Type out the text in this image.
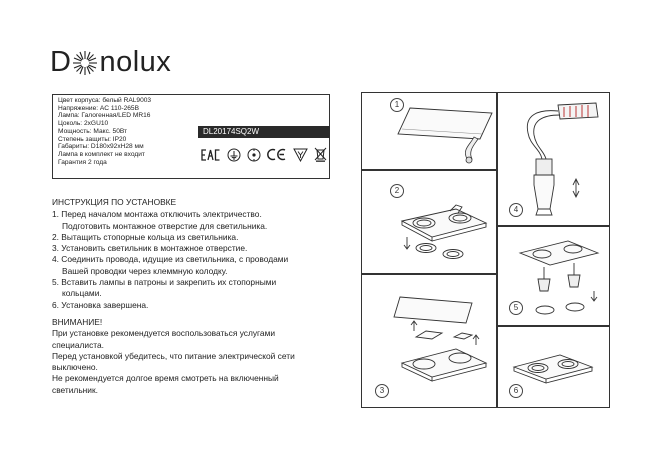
D nolux
Цвет корпуса: белый RAL9003
Напряжение: AC 110-265В
Лампа: Галогенная/LED MR16
Цоколь: 2xGU10
Мощность: Макс. 50Вт
Степень защиты: IP20
Габариты: D180x92xH28 мм
Лампа в комплект не входит
Гарантия 2 года
DL20174SQ2W
ИНСТРУКЦИЯ ПО УСТАНОВКЕ
1. Перед началом монтажа отключить электричество.
Подготовить монтажное отверстие для светильника.
2. Вытащить стопорные кольца из светильника.
3. Установить светильник в монтажное отверстие.
4. Соединить провода, идущие из светильника, с проводами
Вашей проводки через клеммную колодку.
5. Вставить лампы в патроны и закрепить их стопорными
кольцами.
6. Установка завершена.
ВНИМАНИЕ!
При установке рекомендуется воспользоваться услугами
специалиста.
Перед установкой убедитесь, что питание электрической сети
выключено.
Не рекомендуется долгое время смотреть на включенный
светильник.
1
2
3
4
5
6
